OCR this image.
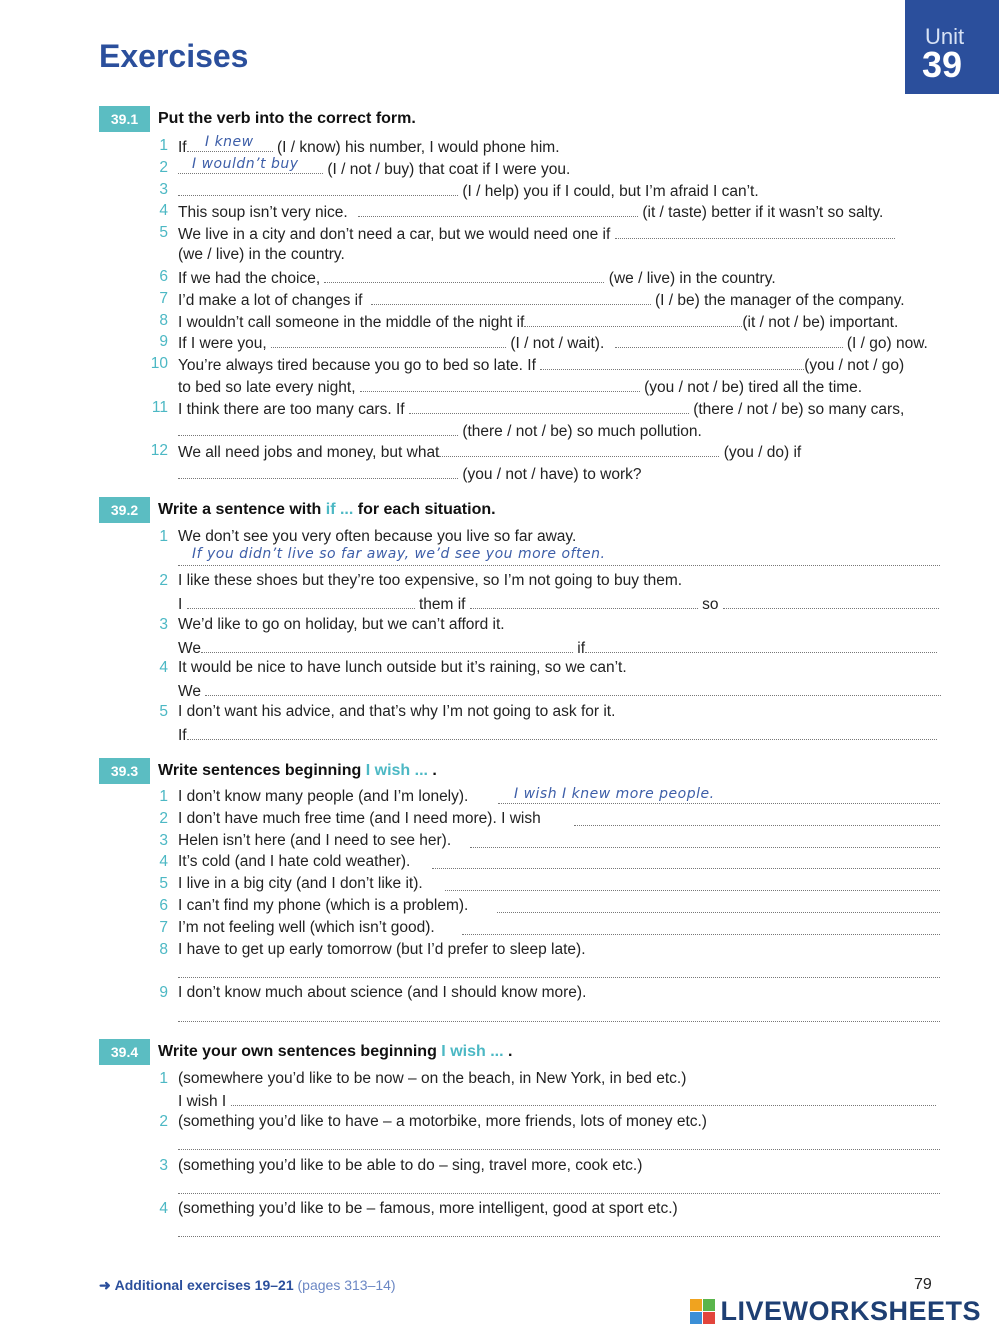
Exercises
Unit
39
39.1	Put the verb into the correct form.
1 If	(I / know) his number, I would phone him.
I knew
2	(I / not / buy) that coat if I were you.
I wouldn’t buy
3	(I / help) you if I could, but I’m afraid I can’t.
4 This soup isn’t very nice.	(it / taste) better if it wasn’t so salty.
5 We live in a city and don’t need a car, but we would need one if
(we / live) in the country.
6 If we had the choice,	(we / live) in the country.
7 I’d make a lot of changes if	(I / be) the manager of the company.
8 I wouldn’t call someone in the middle of the night if	(it / not / be) important.
9 If I were you,	(I / not / wait).	(I / go) now.
10 You’re always tired because you go to bed so late. If	(you / not / go)
to bed so late every night,	(you / not / be) tired all the time.
11 I think there are too many cars. If	(there / not / be) so many cars,
(there / not / be) so much pollution.
12 We all need jobs and money, but what	(you / do) if
(you / not / have) to work?
39.2	Write a sentence with if ... for each situation.
1 We don’t see you very often because you live so far away.
If you didn’t live so far away, we’d see you more often.
2 I like these shoes but they’re too expensive, so I’m not going to buy them.
I	them if	so
3 We’d like to go on holiday, but we can’t afford it.
We	if
4 It would be nice to have lunch outside but it’s raining, so we can’t.
We
5 I don’t want his advice, and that’s why I’m not going to ask for it.
If
39.3	Write sentences beginning I wish ... .
1 I don’t know many people (and I’m lonely).	I wish I knew more people.
2 I don’t have much free time (and I need more). I wish
3 Helen isn’t here (and I need to see her).
4 It’s cold (and I hate cold weather).
5 I live in a big city (and I don’t like it).
6 I can’t find my phone (which is a problem).
7 I’m not feeling well (which isn’t good).
8 I have to get up early tomorrow (but I’d prefer to sleep late).
9 I don’t know much about science (and I should know more).
39.4	Write your own sentences beginning I wish ... .
1 (somewhere you’d like to be now – on the beach, in New York, in bed etc.)
I wish I
2 (something you’d like to have – a motorbike, more friends, lots of money etc.)
3 (something you’d like to be able to do – sing, travel more, cook etc.)
4 (something you’d like to be – famous, more intelligent, good at sport etc.)
➜ Additional exercises 19–21 (pages 313–14)	79
LIVEWORKSHEETS
